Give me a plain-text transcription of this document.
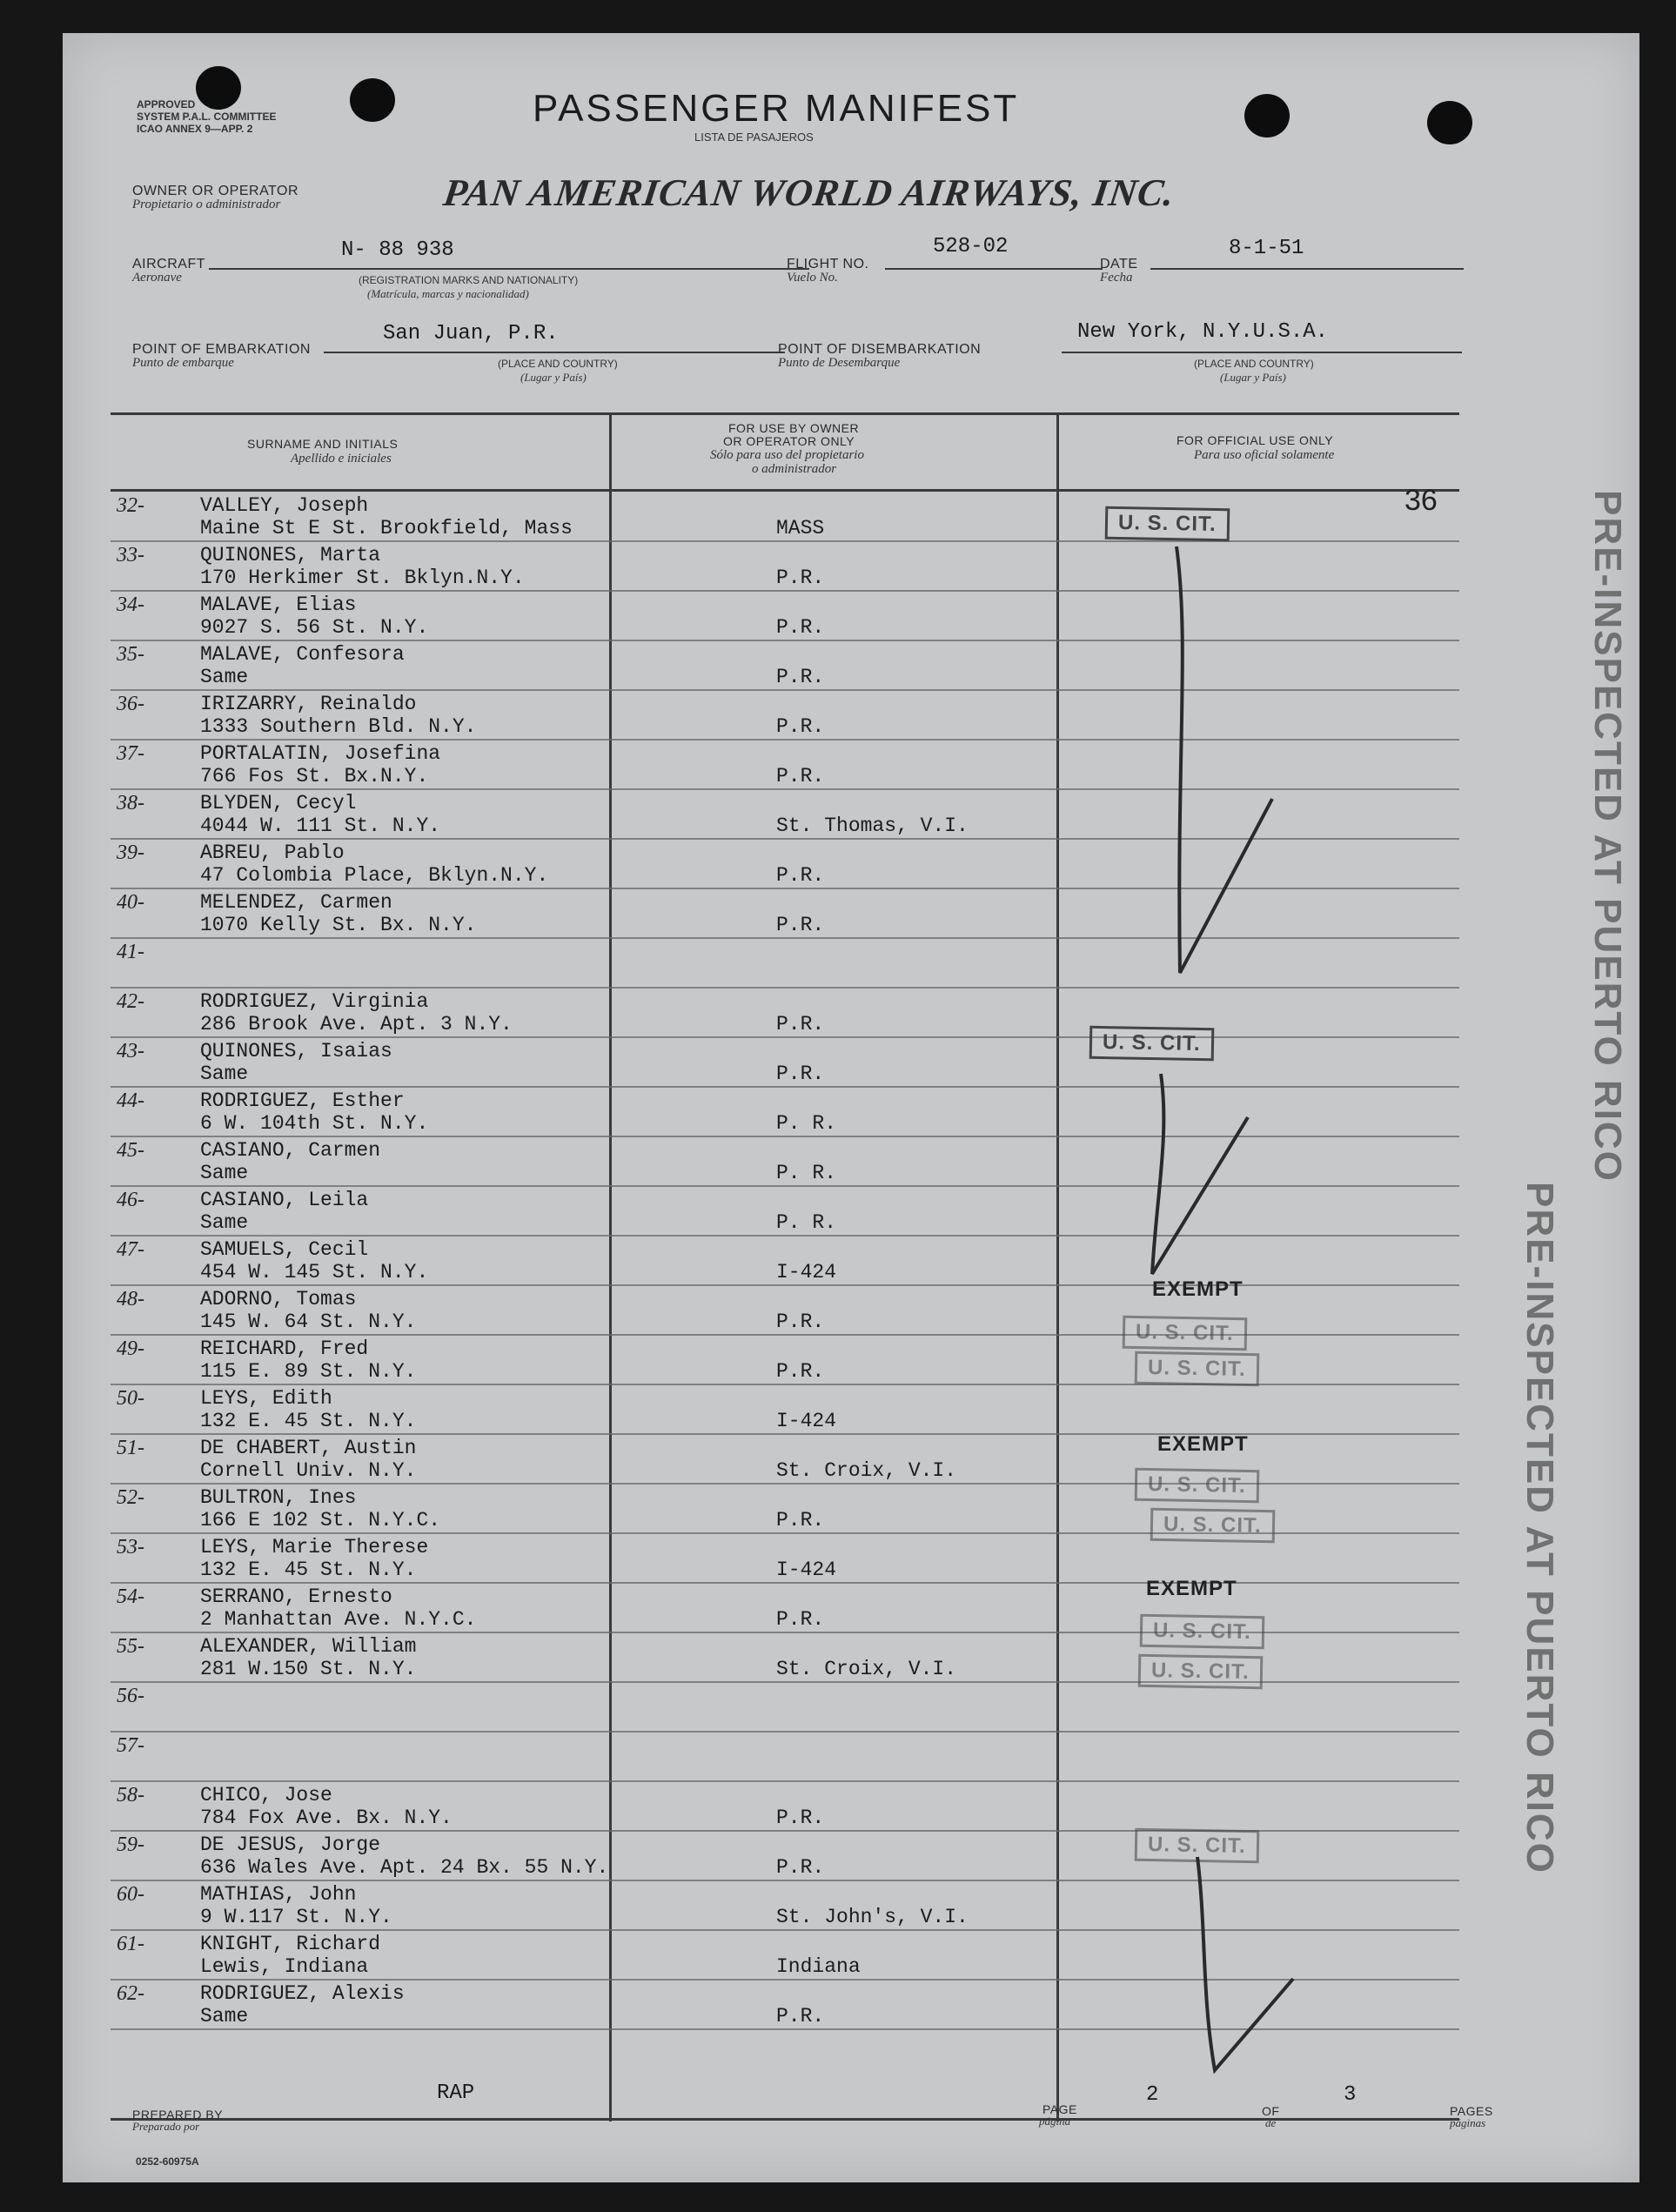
APPROVED
SYSTEM P.A.L. COMMITTEE
ICAO ANNEX 9—APP. 2	PASSENGER MANIFEST
LISTA DE PASAJEROS
OWNER OR OPERATOR
Propietario o administrador	PAN AMERICAN WORLD AIRWAYS, INC.
AIRCRAFT
Aeronave
N- 88 938
(REGISTRATION MARKS AND NATIONALITY)
(Matrícula, marcas y nacionalidad)
FLIGHT NO.
Vuelo No.
528-02
DATE
Fecha
8-1-51
POINT OF EMBARKATION
Punto de embarque
San Juan, P.R.
(PLACE AND COUNTRY)
(Lugar y País)
POINT OF DISEMBARKATION
Punto de Desembarque
New York, N.Y.U.S.A.
(PLACE AND COUNTRY)
(Lugar y País)
SURNAME AND INITIALS
Apellido e iniciales
FOR USE BY OWNER
OR OPERATOR ONLY
Sólo para uso del propietario
o administrador
FOR OFFICIAL USE ONLY
Para uso oficial solamente
36
32-	VALLEY, Joseph
Maine St E St. Brookfield, Mass	MASS
33-	QUINONES, Marta
170 Herkimer St. Bklyn.N.Y.	P.R.
34-	MALAVE, Elias
9027 S. 56 St. N.Y.	P.R.
35-	MALAVE, Confesora
Same	P.R.
36-	IRIZARRY, Reinaldo
1333 Southern Bld. N.Y.	P.R.
37-	PORTALATIN, Josefina
766 Fos St. Bx.N.Y.	P.R.
38-	BLYDEN, Cecyl
4044 W. 111 St. N.Y.	St. Thomas, V.I.
39-	ABREU, Pablo
47 Colombia Place, Bklyn.N.Y.	P.R.
40-	MELENDEZ, Carmen
1070 Kelly St. Bx. N.Y.	P.R.
41-
42-	RODRIGUEZ, Virginia
286 Brook Ave. Apt. 3 N.Y.	P.R.
43-	QUINONES, Isaias
Same	P.R.
44-	RODRIGUEZ, Esther
6 W. 104th St. N.Y.	P. R.
45-	CASIANO, Carmen
Same	P. R.
46-	CASIANO, Leila
Same	P. R.
47-	SAMUELS, Cecil
454 W. 145 St. N.Y.	I-424
48-	ADORNO, Tomas
145 W. 64 St. N.Y.	P.R.
49-	REICHARD, Fred
115 E. 89 St. N.Y.	P.R.
50-	LEYS, Edith
132 E. 45 St. N.Y.	I-424
51-	DE CHABERT, Austin
Cornell Univ. N.Y.	St. Croix, V.I.
52-	BULTRON, Ines
166 E 102 St. N.Y.C.	P.R.
53-	LEYS, Marie Therese
132 E. 45 St. N.Y.	I-424
54-	SERRANO, Ernesto
2 Manhattan Ave. N.Y.C.	P.R.
55-	ALEXANDER, William
281 W.150 St. N.Y.	St. Croix, V.I.
56-
57-
58-	CHICO, Jose
784 Fox Ave. Bx. N.Y.	P.R.
59-	DE JESUS, Jorge
636 Wales Ave. Apt. 24 Bx. 55 N.Y.	P.R.
60-	MATHIAS, John
9 W.117 St. N.Y.	St. John's, V.I.
61-	KNIGHT, Richard
Lewis, Indiana	Indiana
62-	RODRIGUEZ, Alexis
Same	P.R.
U. S. CIT.
U. S. CIT.
EXEMPT
U. S. CIT.
U. S. CIT.
EXEMPT
U. S. CIT.
U. S. CIT.
EXEMPT
U. S. CIT.
U. S. CIT.
U. S. CIT.
PRE-INSPECTED AT PUERTO RICO
PRE-INSPECTED AT PUERTO RICO
PREPARED BY
Preparado por
RAP
PAGE
página
2
OF
de
3
PAGES
páginas
0252-60975A
